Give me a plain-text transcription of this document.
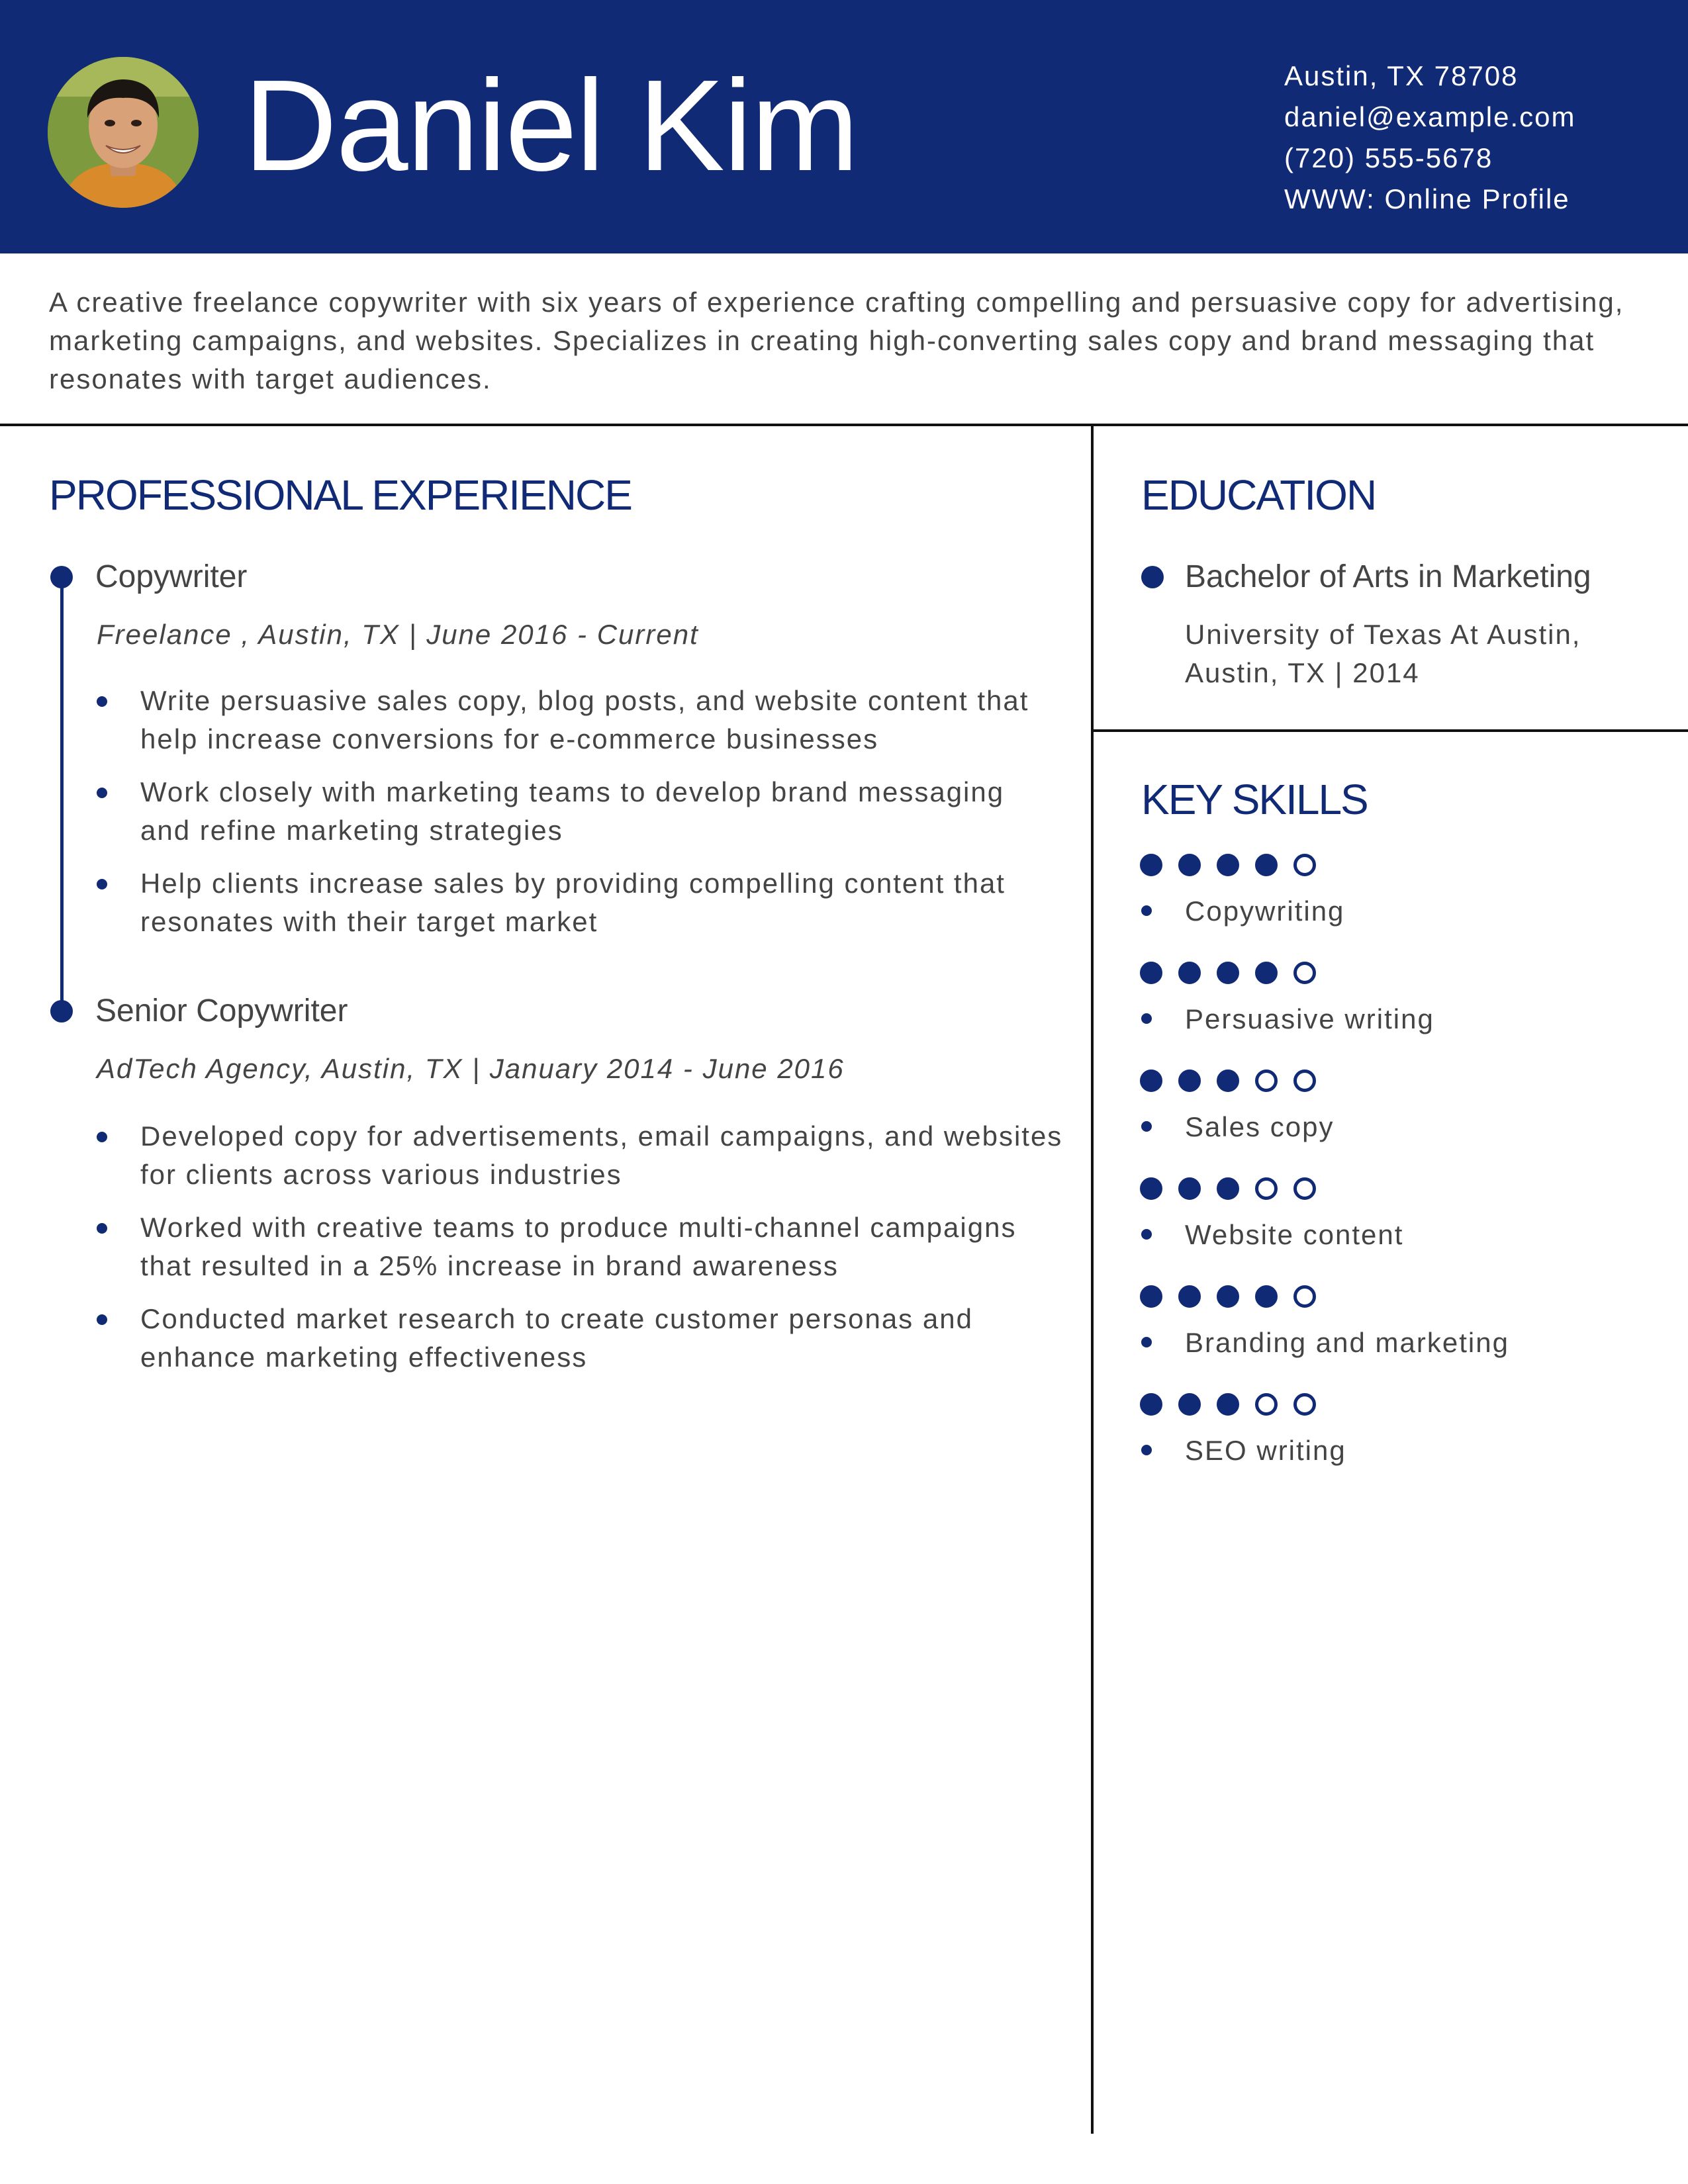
Daniel Kim	Austin, TX 78708
daniel@example.com
(720) 555-5678
WWW: Online Profile
A creative freelance copywriter with six years of experience crafting compelling and persuasive copy for advertising, marketing campaigns, and websites. Specializes in creating high-converting sales copy and brand messaging that resonates with target audiences.
PROFESSIONAL EXPERIENCE
Copywriter
Freelance , Austin, TX | June 2016 - Current
Write persuasive sales copy, blog posts, and website content that help increase conversions for e-commerce businesses
Work closely with marketing teams to develop brand messaging and refine marketing strategies
Help clients increase sales by providing compelling content that resonates with their target market
Senior Copywriter
AdTech Agency, Austin, TX | January 2014 - June 2016
Developed copy for advertisements, email campaigns, and websites for clients across various industries
Worked with creative teams to produce multi-channel campaigns that resulted in a 25% increase in brand awareness
Conducted market research to create customer personas and enhance marketing effectiveness
EDUCATION
Bachelor of Arts in Marketing
University of Texas At Austin,
Austin, TX | 2014
KEY SKILLS
Copywriting
Persuasive writing
Sales copy
Website content
Branding and marketing
SEO writing
